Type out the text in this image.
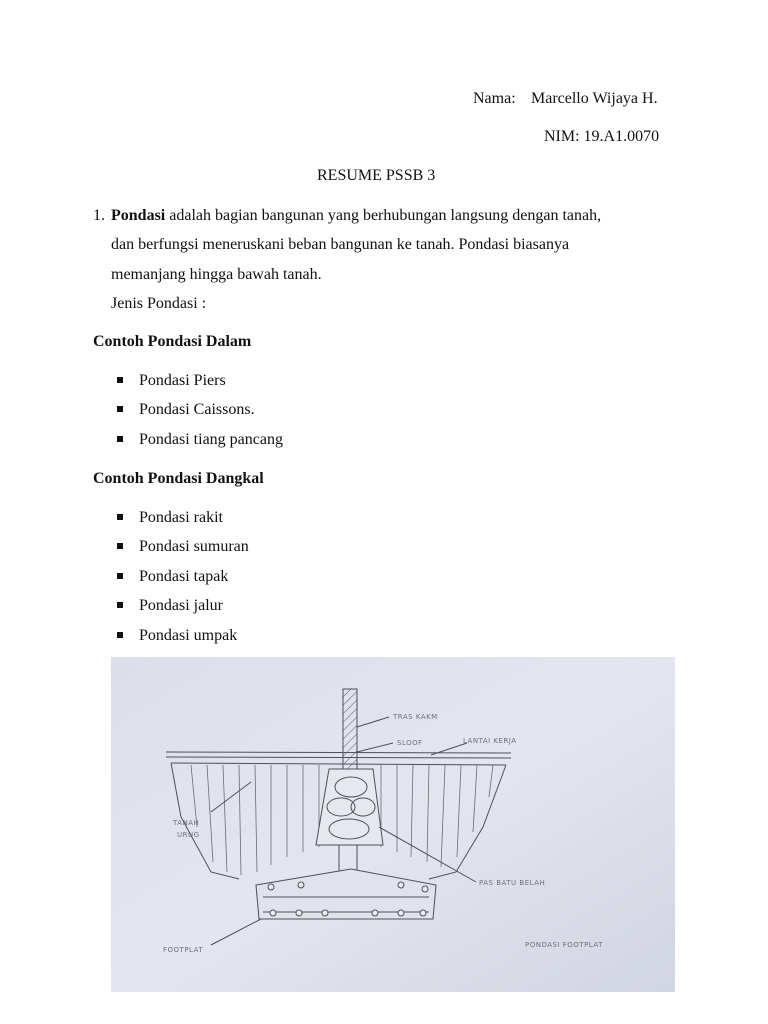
Nama: Marcello Wijaya H.
NIM: 19.A1.0070
RESUME PSSB 3
1. Pondasi adalah bagian bangunan yang berhubungan langsung dengan tanah,
dan berfungsi meneruskani beban bangunan ke tanah. Pondasi biasanya
memanjang hingga bawah tanah.
Jenis Pondasi :
Contoh Pondasi Dalam
Pondasi Piers
Pondasi Caissons.
Pondasi tiang pancang
Contoh Pondasi Dangkal
Pondasi rakit
Pondasi sumuran
Pondasi tapak
Pondasi jalur
Pondasi umpak
TRAS KAKM
SLOOF	LANTAI KERJA
TANAH
URUG
PAS BATU BELAH
FOOTPLAT
PONDASI FOOTPLAT
